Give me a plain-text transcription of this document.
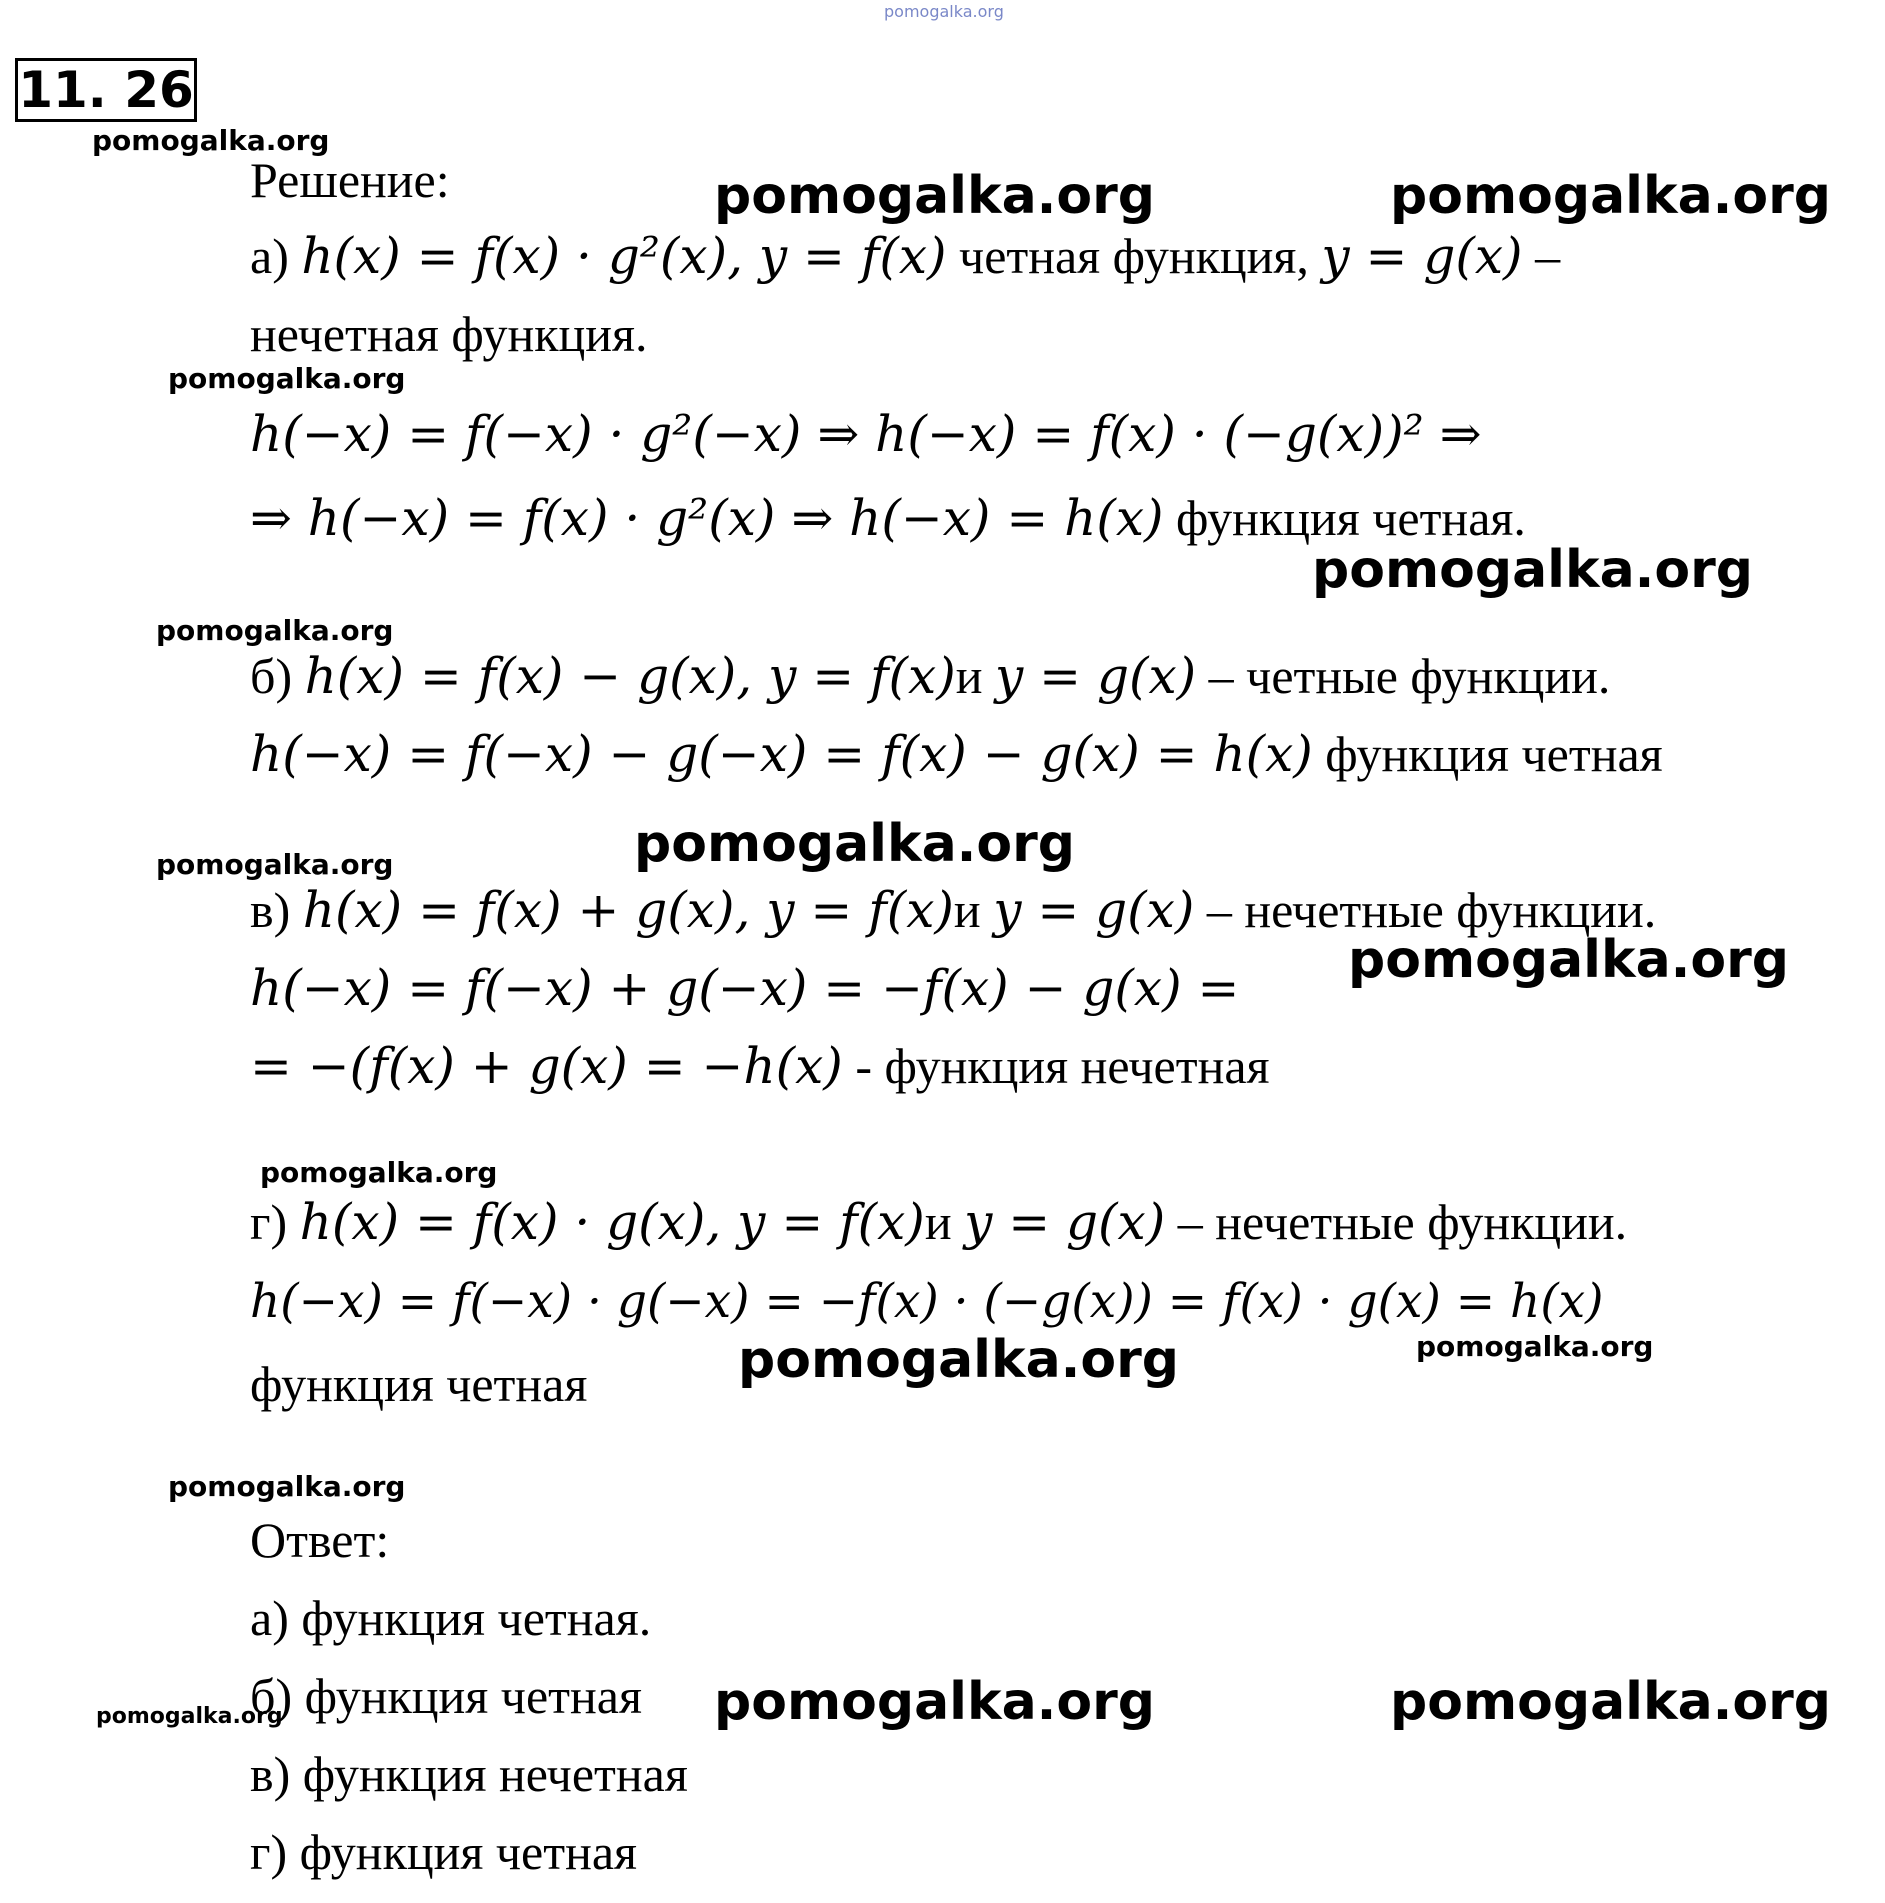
pomogalka.org
11. 26
Решение:
а) h(x) = f(x) · g²(x), y = f(x) четная функция, y = g(x) –
нечетная функция.
h(−x) = f(−x) · g²(−x) ⇒ h(−x) = f(x) · (−g(x))² ⇒
⇒ h(−x) = f(x) · g²(x) ⇒ h(−x) = h(x) функция четная.
б) h(x) = f(x) − g(x), y = f(x)и y = g(x) – четные функции.
h(−x) = f(−x) − g(−x) = f(x) − g(x) = h(x) функция четная
в) h(x) = f(x) + g(x), y = f(x)и y = g(x) – нечетные функции.
h(−x) = f(−x) + g(−x) = −f(x) − g(x) =
= −(f(x) + g(x) = −h(x) - функция нечетная
г) h(x) = f(x) · g(x), y = f(x)и y = g(x) – нечетные функции.
h(−x) = f(−x) · g(−x) = −f(x) · (−g(x)) = f(x) · g(x) = h(x)
функция четная
Ответ:
а) функция четная.
б) функция четная
в) функция нечетная
г) функция четная
pomogalka.org	pomogalka.org
pomogalka.org
pomogalka.org
pomogalka.org
pomogalka.org
pomogalka.org	pomogalka.org
pomogalka.org
pomogalka.org
pomogalka.org
pomogalka.org
pomogalka.org
pomogalka.org
pomogalka.org
pomogalka.org
